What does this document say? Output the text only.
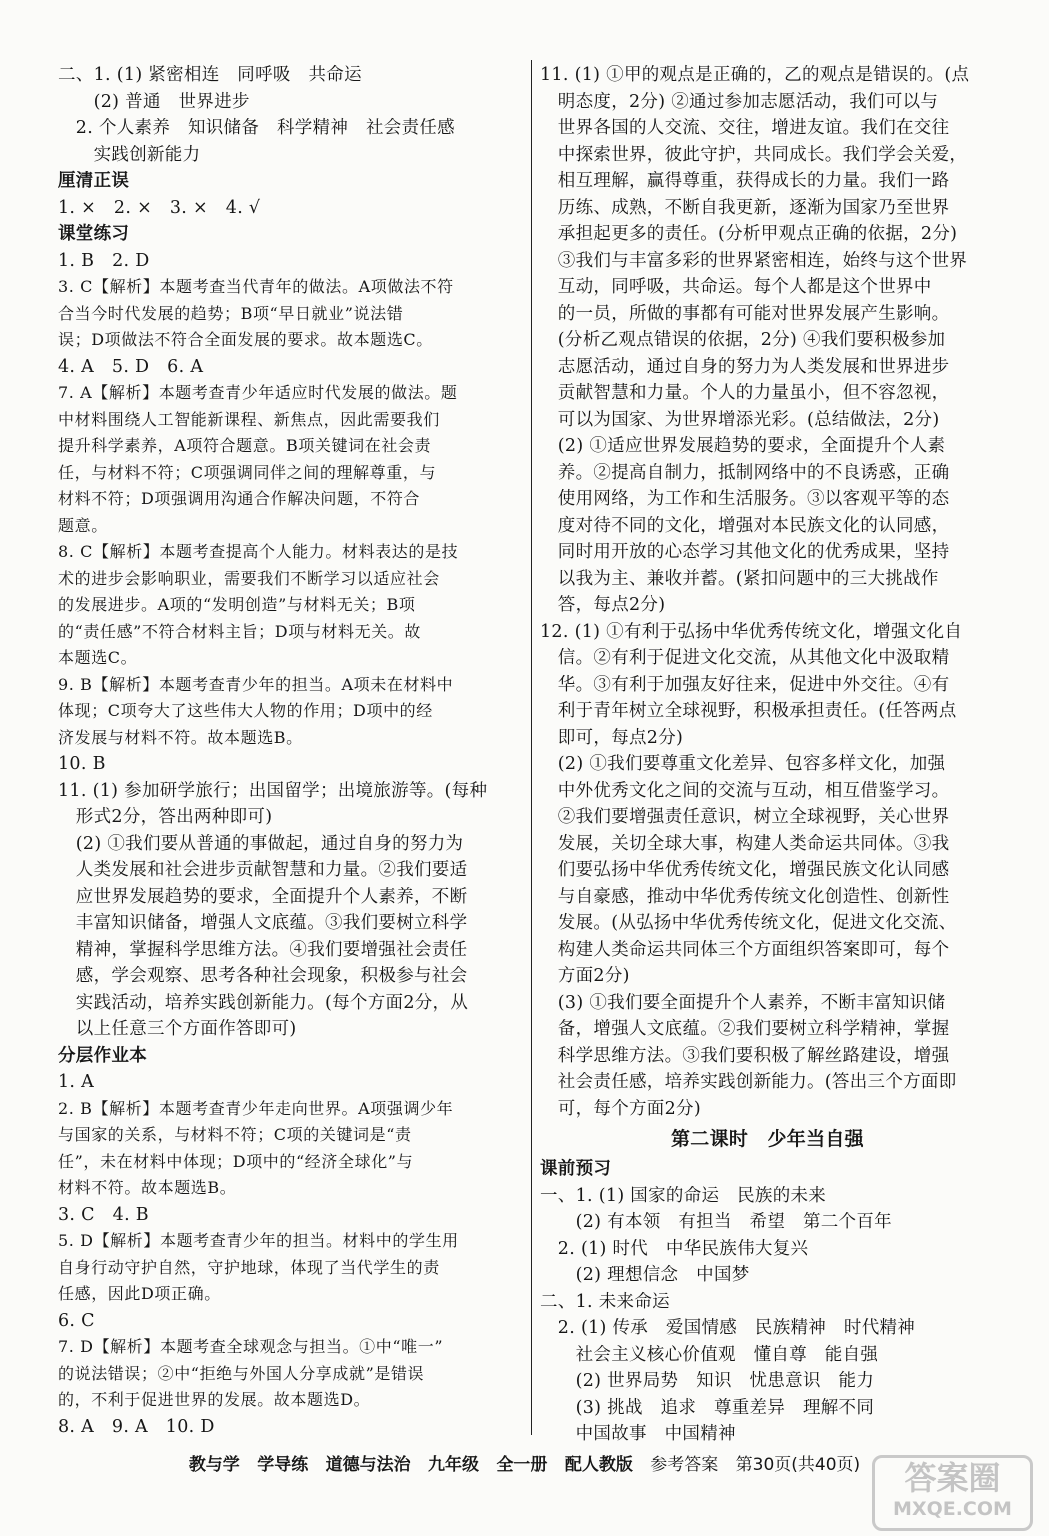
二、1. (1) 紧密相连　同呼吸　共命运
　　(2) 普通　世界进步
　2. 个人素养　知识储备　科学精神　社会责任感
　　实践创新能力
厘清正误
1. ×　2. ×　3. ×　4. √
课堂练习
1. B　2. D
3. C【解析】本题考查当代青年的做法。A项做法不符
合当今时代发展的趋势；B项“早日就业”说法错
误；D项做法不符合全面发展的要求。故本题选C。
4. A　5. D　6. A
7. A【解析】本题考查青少年适应时代发展的做法。题
中材料围绕人工智能新课程、新焦点，因此需要我们
提升科学素养，A项符合题意。B项关键词在社会责
任，与材料不符；C项强调同伴之间的理解尊重，与
材料不符；D项强调用沟通合作解决问题，不符合
题意。
8. C【解析】本题考查提高个人能力。材料表达的是技
术的进步会影响职业，需要我们不断学习以适应社会
的发展进步。A项的“发明创造”与材料无关；B项
的“责任感”不符合材料主旨；D项与材料无关。故
本题选C。
9. B【解析】本题考查青少年的担当。A项未在材料中
体现；C项夸大了这些伟大人物的作用；D项中的经
济发展与材料不符。故本题选B。
10. B
11. (1) 参加研学旅行；出国留学；出境旅游等。(每种
　形式2分，答出两种即可)
　(2) ①我们要从普通的事做起，通过自身的努力为
　人类发展和社会进步贡献智慧和力量。②我们要适
　应世界发展趋势的要求，全面提升个人素养，不断
　丰富知识储备，增强人文底蕴。③我们要树立科学
　精神，掌握科学思维方法。④我们要增强社会责任
　感，学会观察、思考各种社会现象，积极参与社会
　实践活动，培养实践创新能力。(每个方面2分，从
　以上任意三个方面作答即可)
分层作业本
1. A
2. B【解析】本题考查青少年走向世界。A项强调少年
与国家的关系，与材料不符；C项的关键词是“责
任”，未在材料中体现；D项中的“经济全球化”与
材料不符。故本题选B。
3. C　4. B
5. D【解析】本题考查青少年的担当。材料中的学生用
自身行动守护自然，守护地球，体现了当代学生的责
任感，因此D项正确。
6. C
7. D【解析】本题考查全球观念与担当。①中“唯一”
的说法错误；②中“拒绝与外国人分享成就”是错误
的，不利于促进世界的发展。故本题选D。
8. A　9. A　10. D
11. (1) ①甲的观点是正确的，乙的观点是错误的。(点
　明态度，2分) ②通过参加志愿活动，我们可以与
　世界各国的人交流、交往，增进友谊。我们在交往
　中探索世界，彼此守护，共同成长。我们学会关爱，
　相互理解，赢得尊重，获得成长的力量。我们一路
　历练、成熟，不断自我更新，逐渐为国家乃至世界
　承担起更多的责任。(分析甲观点正确的依据，2分)
　③我们与丰富多彩的世界紧密相连，始终与这个世界
　互动，同呼吸，共命运。每个人都是这个世界中
　的一员，所做的事都有可能对世界发展产生影响。
　(分析乙观点错误的依据，2分) ④我们要积极参加
　志愿活动，通过自身的努力为人类发展和世界进步
　贡献智慧和力量。个人的力量虽小，但不容忽视，
　可以为国家、为世界增添光彩。(总结做法，2分)
　(2) ①适应世界发展趋势的要求，全面提升个人素
　养。②提高自制力，抵制网络中的不良诱惑，正确
　使用网络，为工作和生活服务。③以客观平等的态
　度对待不同的文化，增强对本民族文化的认同感，
　同时用开放的心态学习其他文化的优秀成果，坚持
　以我为主、兼收并蓄。(紧扣问题中的三大挑战作
　答，每点2分)
12. (1) ①有利于弘扬中华优秀传统文化，增强文化自
　信。②有利于促进文化交流，从其他文化中汲取精
　华。③有利于加强友好往来，促进中外交往。④有
　利于青年树立全球视野，积极承担责任。(任答两点
　即可，每点2分)
　(2) ①我们要尊重文化差异、包容多样文化，加强
　中外优秀文化之间的交流与互动，相互借鉴学习。
　②我们要增强责任意识，树立全球视野，关心世界
　发展，关切全球大事，构建人类命运共同体。③我
　们要弘扬中华优秀传统文化，增强民族文化认同感
　与自豪感，推动中华优秀传统文化创造性、创新性
　发展。(从弘扬中华优秀传统文化，促进文化交流、
　构建人类命运共同体三个方面组织答案即可，每个
　方面2分)
　(3) ①我们要全面提升个人素养，不断丰富知识储
　备，增强人文底蕴。②我们要树立科学精神，掌握
　科学思维方法。③我们要积极了解丝路建设，增强
　社会责任感，培养实践创新能力。(答出三个方面即
　可，每个方面2分)
第二课时　少年当自强
课前预习
一、1. (1) 国家的命运　民族的未来
　　(2) 有本领　有担当　希望　第二个百年
　2. (1) 时代　中华民族伟大复兴
　　(2) 理想信念　中国梦
二、1. 未来命运
　2. (1) 传承　爱国情感　民族精神　时代精神
　　社会主义核心价值观　懂自尊　能自强
　　(2) 世界局势　知识　忧患意识　能力
　　(3) 挑战　追求　尊重差异　理解不同
　　中国故事　中国精神
教与学 学导练 道德与法治 九年级 全一册 配人教版 参考答案 第30页(共40页)	答案圈
MXQE.COM
